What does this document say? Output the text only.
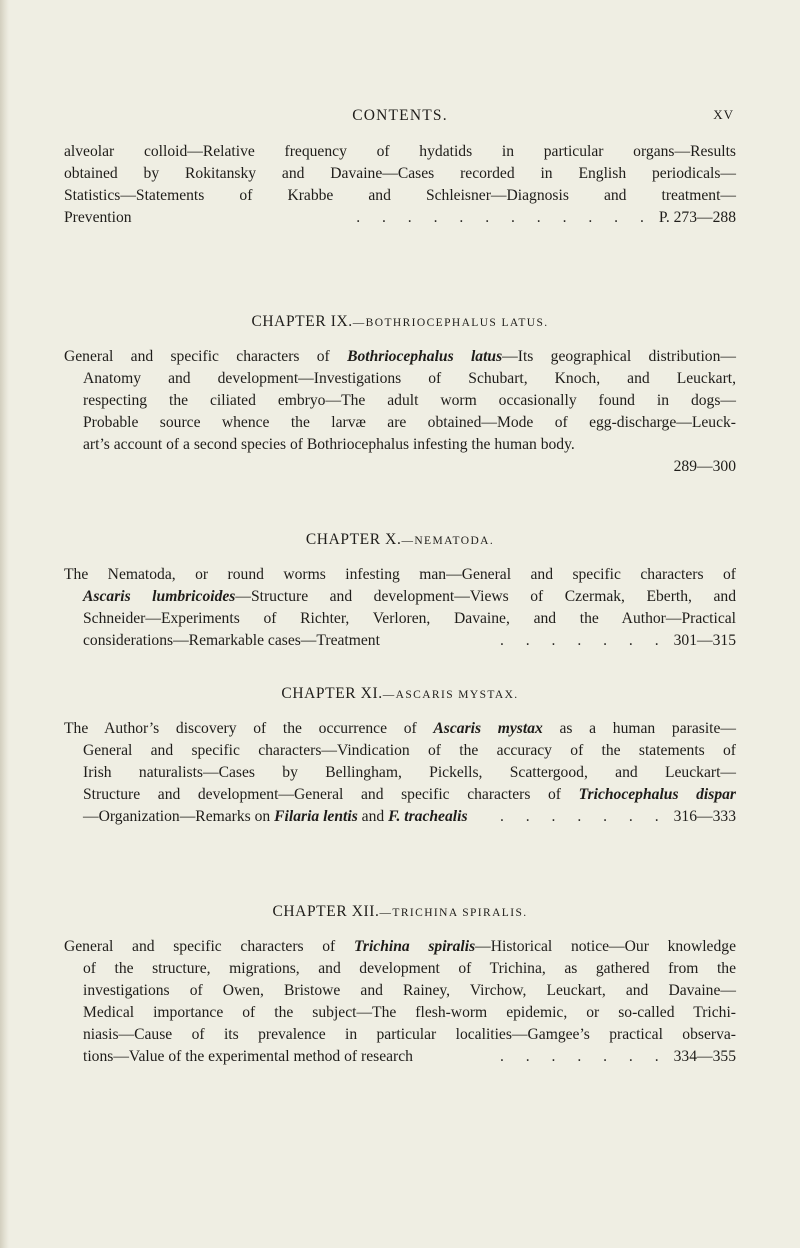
CONTENTS.	XV
alveolar colloid—Relative frequency of hydatids in particular organs—Results
obtained by Rokitansky and Davaine—Cases recorded in English periodicals—
Statistics—Statements of Krabbe and Schleisner—Diagnosis and treatment—
Prevention	. . . . . . . . . . . . P. 273—288
CHAPTER IX.—BOTHRIOCEPHALUS LATUS.
General and specific characters of Bothriocephalus latus—Its geographical distribution—
Anatomy and development—Investigations of Schubart, Knoch, and Leuckart,
respecting the ciliated embryo—The adult worm occasionally found in dogs—
Probable source whence the larvæ are obtained—Mode of egg-discharge—Leuck-
art’s account of a second species of Bothriocephalus infesting the human body.
289—300
CHAPTER X.—NEMATODA.
The Nematoda, or round worms infesting man—General and specific characters of
Ascaris lumbricoides—Structure and development—Views of Czermak, Eberth, and
Schneider—Experiments of Richter, Verloren, Davaine, and the Author—Practical
considerations—Remarkable cases—Treatment	. . . . . . . 301—315
CHAPTER XI.—ASCARIS MYSTAX.
The Author’s discovery of the occurrence of Ascaris mystax as a human parasite—
General and specific characters—Vindication of the accuracy of the statements of
Irish naturalists—Cases by Bellingham, Pickells, Scattergood, and Leuckart—
Structure and development—General and specific characters of Trichocephalus dispar
—Organization—Remarks on Filaria lentis and F. trachealis	. . . . . . . 316—333
CHAPTER XII.—TRICHINA SPIRALIS.
General and specific characters of Trichina spiralis—Historical notice—Our knowledge
of the structure, migrations, and development of Trichina, as gathered from the
investigations of Owen, Bristowe and Rainey, Virchow, Leuckart, and Davaine—
Medical importance of the subject—The flesh-worm epidemic, or so-called Trichi-
niasis—Cause of its prevalence in particular localities—Gamgee’s practical observa-
tions—Value of the experimental method of research	. . . . . . . 334—355
